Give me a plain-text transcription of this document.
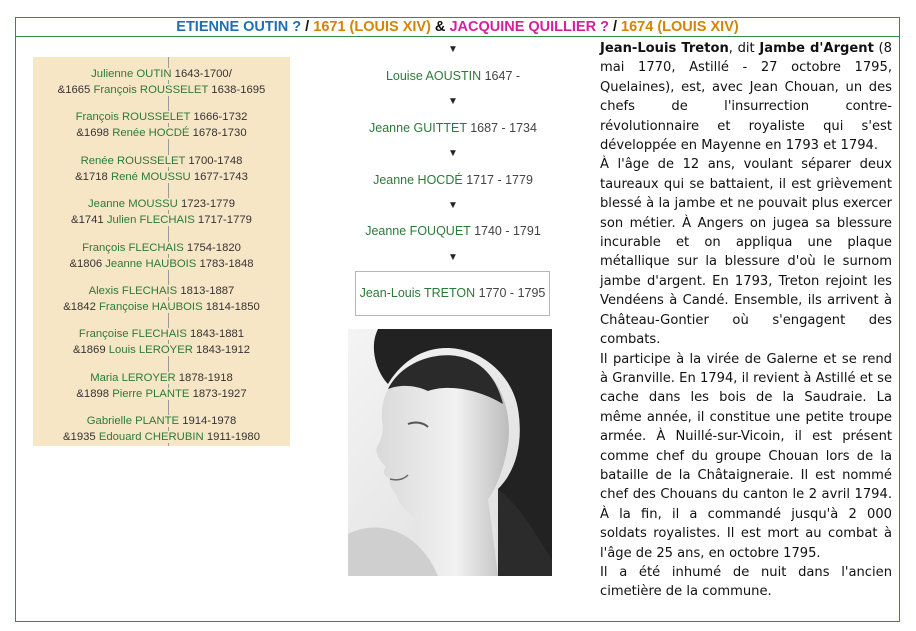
ETIENNE OUTIN ? / 1671 (LOUIS XIV) & JACQUINE QUILLIER ? / 1674 (LOUIS XIV)
Julienne OUTIN 1643-1700/
&1665 François ROUSSELET 1638-1695
François ROUSSELET 1666-1732
&1698 Renée HOCDÉ 1678-1730
Renée ROUSSELET 1700-1748
&1718 René MOUSSU 1677-1743
Jeanne MOUSSU 1723-1779
&1741 Julien FLECHAIS 1717-1779
François FLECHAIS 1754-1820
&1806 Jeanne HAUBOIS 1783-1848
Alexis FLECHAIS 1813-1887
&1842 Françoise HAUBOIS 1814-1850
Françoise FLECHAIS 1843-1881
&1869 Louis LEROYER 1843-1912
Maria LEROYER 1878-1918
&1898 Pierre PLANTE 1873-1927
Gabrielle PLANTE 1914-1978
&1935 Edouard CHERUBIN 1911-1980
▼
▼
▼
▼
▼
Louise AOUSTIN 1647 -
Jeanne GUITTET 1687 - 1734
Jeanne HOCDÉ 1717 - 1779
Jeanne FOUQUET 1740 - 1791
Jean-Louis TRETON 1770 - 1795

Jean-Louis Treton, dit Jambe d'Argent (8 mai 1770, Astillé - 27 octobre 1795, Quelaines), est, avec Jean Chouan, un des chefs de l'insurrection contre-révolutionnaire et royaliste qui s'est développée en Mayenne en 1793 et 1794.

À l'âge de 12 ans, voulant séparer deux taureaux qui se battaient, il est grièvement blessé à la jambe et ne pouvait plus exercer son métier. À Angers on jugea sa blessure incurable et on appliqua une plaque métallique sur la blessure d'où le surnom jambe d'argent. En 1793, Treton rejoint les Vendéens à Candé. Ensemble, ils arrivent à Château-Gontier où s'engagent des combats.

Il participe à la virée de Galerne et se rend à Granville. En 1794, il revient à Astillé et se cache dans les bois de la Saudraie. La même année, il constitue une petite troupe armée. À Nuillé-sur-Vicoin, il est présent comme chef du groupe Chouan lors de la bataille de la Châtaigneraie. Il est nommé chef des Chouans du canton le 2 avril 1794. À la fin, il a commandé jusqu'à 2 000 soldats royalistes. Il est mort au combat à l'âge de 25 ans, en octobre 1795.

Il a été inhumé de nuit dans l'ancien cimetière de la commune.
